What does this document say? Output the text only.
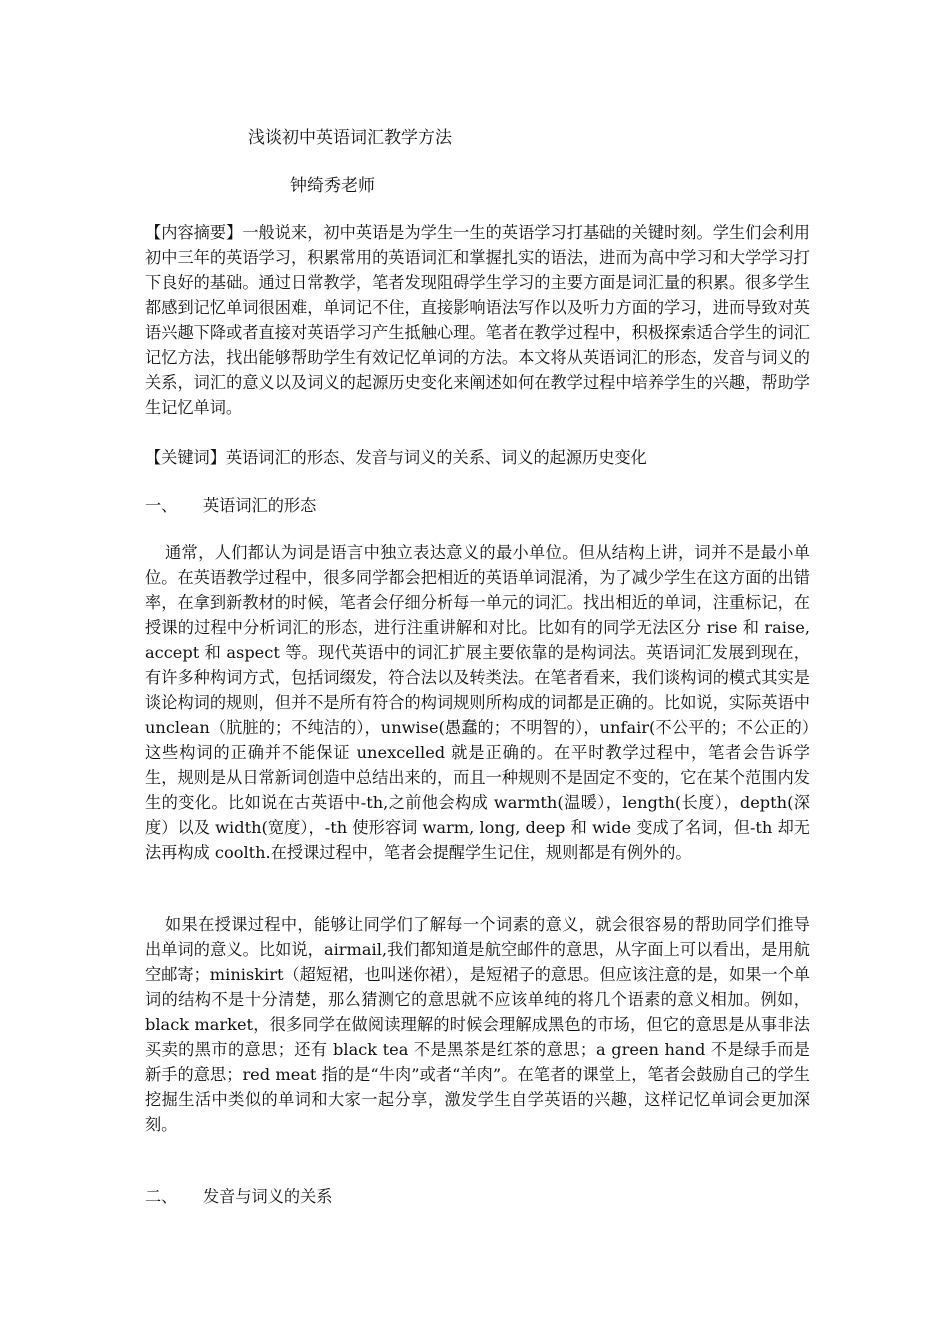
浅谈初中英语词汇教学方法
钟绮秀老师
【内容摘要】一般说来，初中英语是为学生一生的英语学习打基础的关键时刻。学生们会利用初中三年的英语学习，积累常用的英语词汇和掌握扎实的语法，进而为高中学习和大学学习打下良好的基础。通过日常教学，笔者发现阻碍学生学习的主要方面是词汇量的积累。很多学生都感到记忆单词很困难，单词记不住，直接影响语法写作以及听力方面的学习，进而导致对英语兴趣下降或者直接对英语学习产生抵触心理。笔者在教学过程中，积极探索适合学生的词汇记忆方法，找出能够帮助学生有效记忆单词的方法。本文将从英语词汇的形态，发音与词义的关系，词汇的意义以及词义的起源历史变化来阐述如何在教学过程中培养学生的兴趣，帮助学生记忆单词。
【关键词】英语词汇的形态、发音与词义的关系、词义的起源历史变化
一、 英语词汇的形态
通常，人们都认为词是语言中独立表达意义的最小单位。但从结构上讲，词并不是最小单位。在英语教学过程中，很多同学都会把相近的英语单词混淆，为了减少学生在这方面的出错率，在拿到新教材的时候，笔者会仔细分析每一单元的词汇。找出相近的单词，注重标记，在授课的过程中分析词汇的形态，进行注重讲解和对比。比如有的同学无法区分 rise 和 raise, accept 和 aspect 等。现代英语中的词汇扩展主要依靠的是构词法。英语词汇发展到现在，有许多种构词方式，包括词缀发，符合法以及转类法。在笔者看来，我们谈构词的模式其实是谈论构词的规则，但并不是所有符合的构词规则所构成的词都是正确的。比如说，实际英语中 unclean（肮脏的；不纯洁的），unwise(愚蠢的；不明智的），unfair(不公平的；不公正的）这些构词的正确并不能保证 unexcelled 就是正确的。在平时教学过程中，笔者会告诉学生，规则是从日常新词创造中总结出来的，而且一种规则不是固定不变的，它在某个范围内发生的变化。比如说在古英语中-th,之前他会构成 warmth(温暖），length(长度），depth(深度）以及 width(宽度），-th 使形容词 warm, long, deep 和 wide 变成了名词，但-th 却无法再构成 coolth.在授课过程中，笔者会提醒学生记住，规则都是有例外的。
如果在授课过程中，能够让同学们了解每一个词素的意义，就会很容易的帮助同学们推导出单词的意义。比如说，airmail,我们都知道是航空邮件的意思，从字面上可以看出，是用航空邮寄；miniskirt（超短裙，也叫迷你裙），是短裙子的意思。但应该注意的是，如果一个单词的结构不是十分清楚，那么猜测它的意思就不应该单纯的将几个语素的意义相加。例如，black market，很多同学在做阅读理解的时候会理解成黑色的市场，但它的意思是从事非法买卖的黑市的意思；还有 black tea 不是黑茶是红茶的意思；a green hand 不是绿手而是新手的意思；red meat 指的是“牛肉”或者“羊肉”。在笔者的课堂上，笔者会鼓励自己的学生挖掘生活中类似的单词和大家一起分享，激发学生自学英语的兴趣，这样记忆单词会更加深刻。
二、 发音与词义的关系
